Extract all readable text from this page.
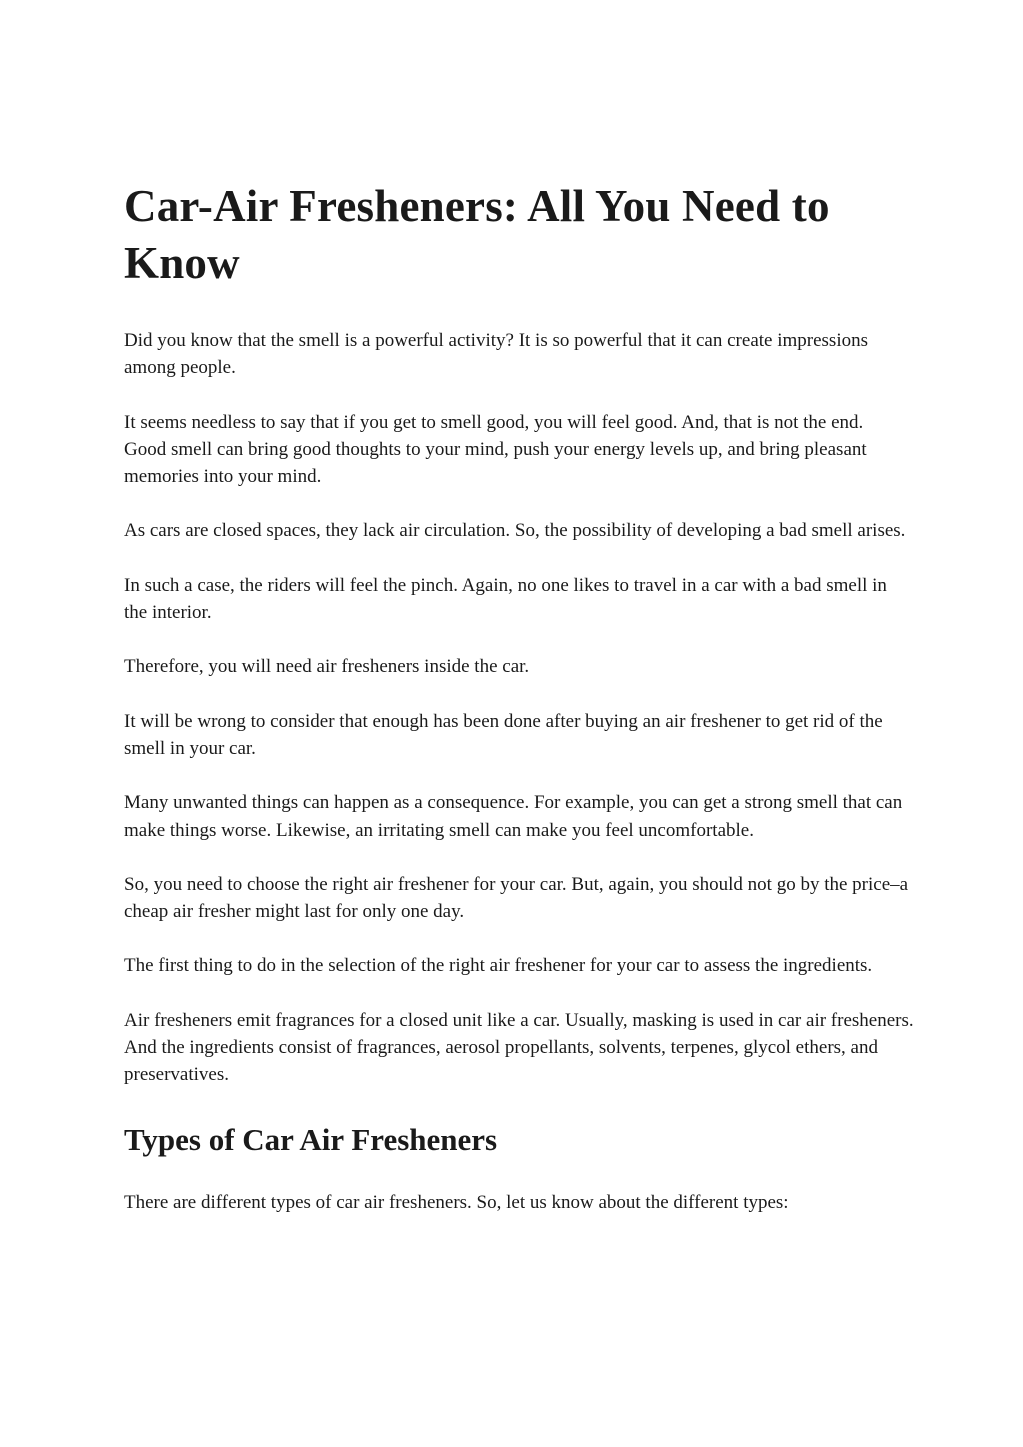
Car-Air Fresheners: All You Need to Know

Did you know that the smell is a powerful activity? It is so powerful that it can create impressions among people.

It seems needless to say that if you get to smell good, you will feel good. And, that is not the end.

Good smell can bring good thoughts to your mind, push your energy levels up, and bring pleasant memories into your mind.

As cars are closed spaces, they lack air circulation. So, the possibility of developing a bad smell arises.

In such a case, the riders will feel the pinch. Again, no one likes to travel in a car with a bad smell in the interior.

Therefore, you will need air fresheners inside the car.

It will be wrong to consider that enough has been done after buying an air freshener to get rid of the smell in your car.

Many unwanted things can happen as a consequence. For example, you can get a strong smell that can make things worse. Likewise, an irritating smell can make you feel uncomfortable.

So, you need to choose the right air freshener for your car. But, again, you should not go by the price–a cheap air fresher might last for only one day.

The first thing to do in the selection of the right air freshener for your car to assess the ingredients.

Air fresheners emit fragrances for a closed unit like a car. Usually, masking is used in car air fresheners. And the ingredients consist of fragrances, aerosol propellants, solvents, terpenes, glycol ethers, and preservatives.

Types of Car Air Fresheners

There are different types of car air fresheners. So, let us know about the different types:
